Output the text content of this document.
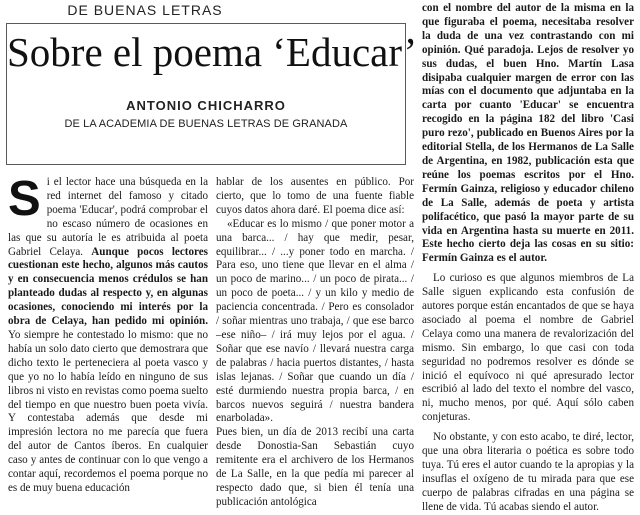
DE BUENAS LETRAS
Sobre el poema ‘Educar’
ANTONIO CHICHARRO
DE LA ACADEMIA DE BUENAS LETRAS DE GRANADA

Si el lector hace una búsqueda en la red internet del famoso y citado poema 'Educar', podrá comprobar el no escaso número de ocasiones en las que su autoría le es atribuida al poeta Gabriel Celaya. Aunque pocos lectores cuestionan este hecho, algunos más cautos y en consecuencia menos crédulos se han planteado dudas al respecto y, en algunas ocasiones, conociendo mi interés por la obra de Celaya, han pedido mi opinión. Yo siempre he contestado lo mismo: que no había un solo dato cierto que demostrara que dicho texto le perteneciera al poeta vasco y que yo no lo había leído en ninguno de sus libros ni visto en revistas como poema suelto del tiempo en que nuestro buen poeta vivía. Y contestaba además que desde mi impresión lectora no me parecía que fuera del autor de Cantos íberos. En cualquier caso y antes de continuar con lo que vengo a contar aquí, recordemos el poema porque no es de muy buena educación

hablar de los ausentes en público. Por cierto, que lo tomo de una fuente fiable cuyos datos ahora daré. El poema dice así:

«Educar es lo mismo / que poner motor a una barca... / hay que medir, pesar, equilibrar... / ...y poner todo en marcha. / Para eso, uno tiene que llevar en el alma / un poco de marino... / un poco de pirata... / un poco de poeta... / y un kilo y medio de paciencia concentrada. / Pero es consolador / soñar mientras uno trabaja, / que ese barco –ese niño– / irá muy lejos por el agua. / Soñar que ese navío / llevará nuestra carga de palabras / hacia puertos distantes, / hasta islas lejanas. / Soñar que cuando un día / esté durmiendo nuestra propia barca, / en barcos nuevos seguirá / nuestra bandera enarbolada».

Pues bien, un día de 2013 recibí una carta desde Donostia-San Sebastián cuyo remitente era el archivero de los Hermanos de La Salle, en la que pedía mi parecer al respecto dado que, si bien él tenía una publicación antológica

con el nombre del autor de la misma en la que figuraba el poema, necesitaba resolver la duda de una vez contrastando con mi opinión. Qué paradoja. Lejos de resolver yo sus dudas, el buen Hno. Martín Lasa disipaba cualquier margen de error con las mías con el documento que adjuntaba en la carta por cuanto 'Educar' se encuentra recogido en la página 182 del libro 'Casi puro rezo', publicado en Buenos Aires por la editorial Stella, de los Hermanos de La Salle de Argentina, en 1982, publicación esta que reúne los poemas escritos por el Hno. Fermín Gainza, religioso y educador chileno de La Salle, además de poeta y artista polifacético, que pasó la mayor parte de su vida en Argentina hasta su muerte en 2011. Este hecho cierto deja las cosas en su sitio: Fermín Gainza es el autor.

Lo curioso es que algunos miembros de La Salle siguen explicando esta confusión de autores porque están encantados de que se haya asociado al poema el nombre de Gabriel Celaya como una manera de revalorización del mismo. Sin embargo, lo que casi con toda seguridad no podremos resolver es dónde se inició el equívoco ni qué apresurado lector escribió al lado del texto el nombre del vasco, ni, mucho menos, por qué. Aquí sólo caben conjeturas.

No obstante, y con esto acabo, te diré, lector, que una obra literaria o poética es sobre todo tuya. Tú eres el autor cuando te la apropias y la insuflas el oxígeno de tu mirada para que ese cuerpo de palabras cifradas en una página se llene de vida. Tú acabas siendo el autor.
